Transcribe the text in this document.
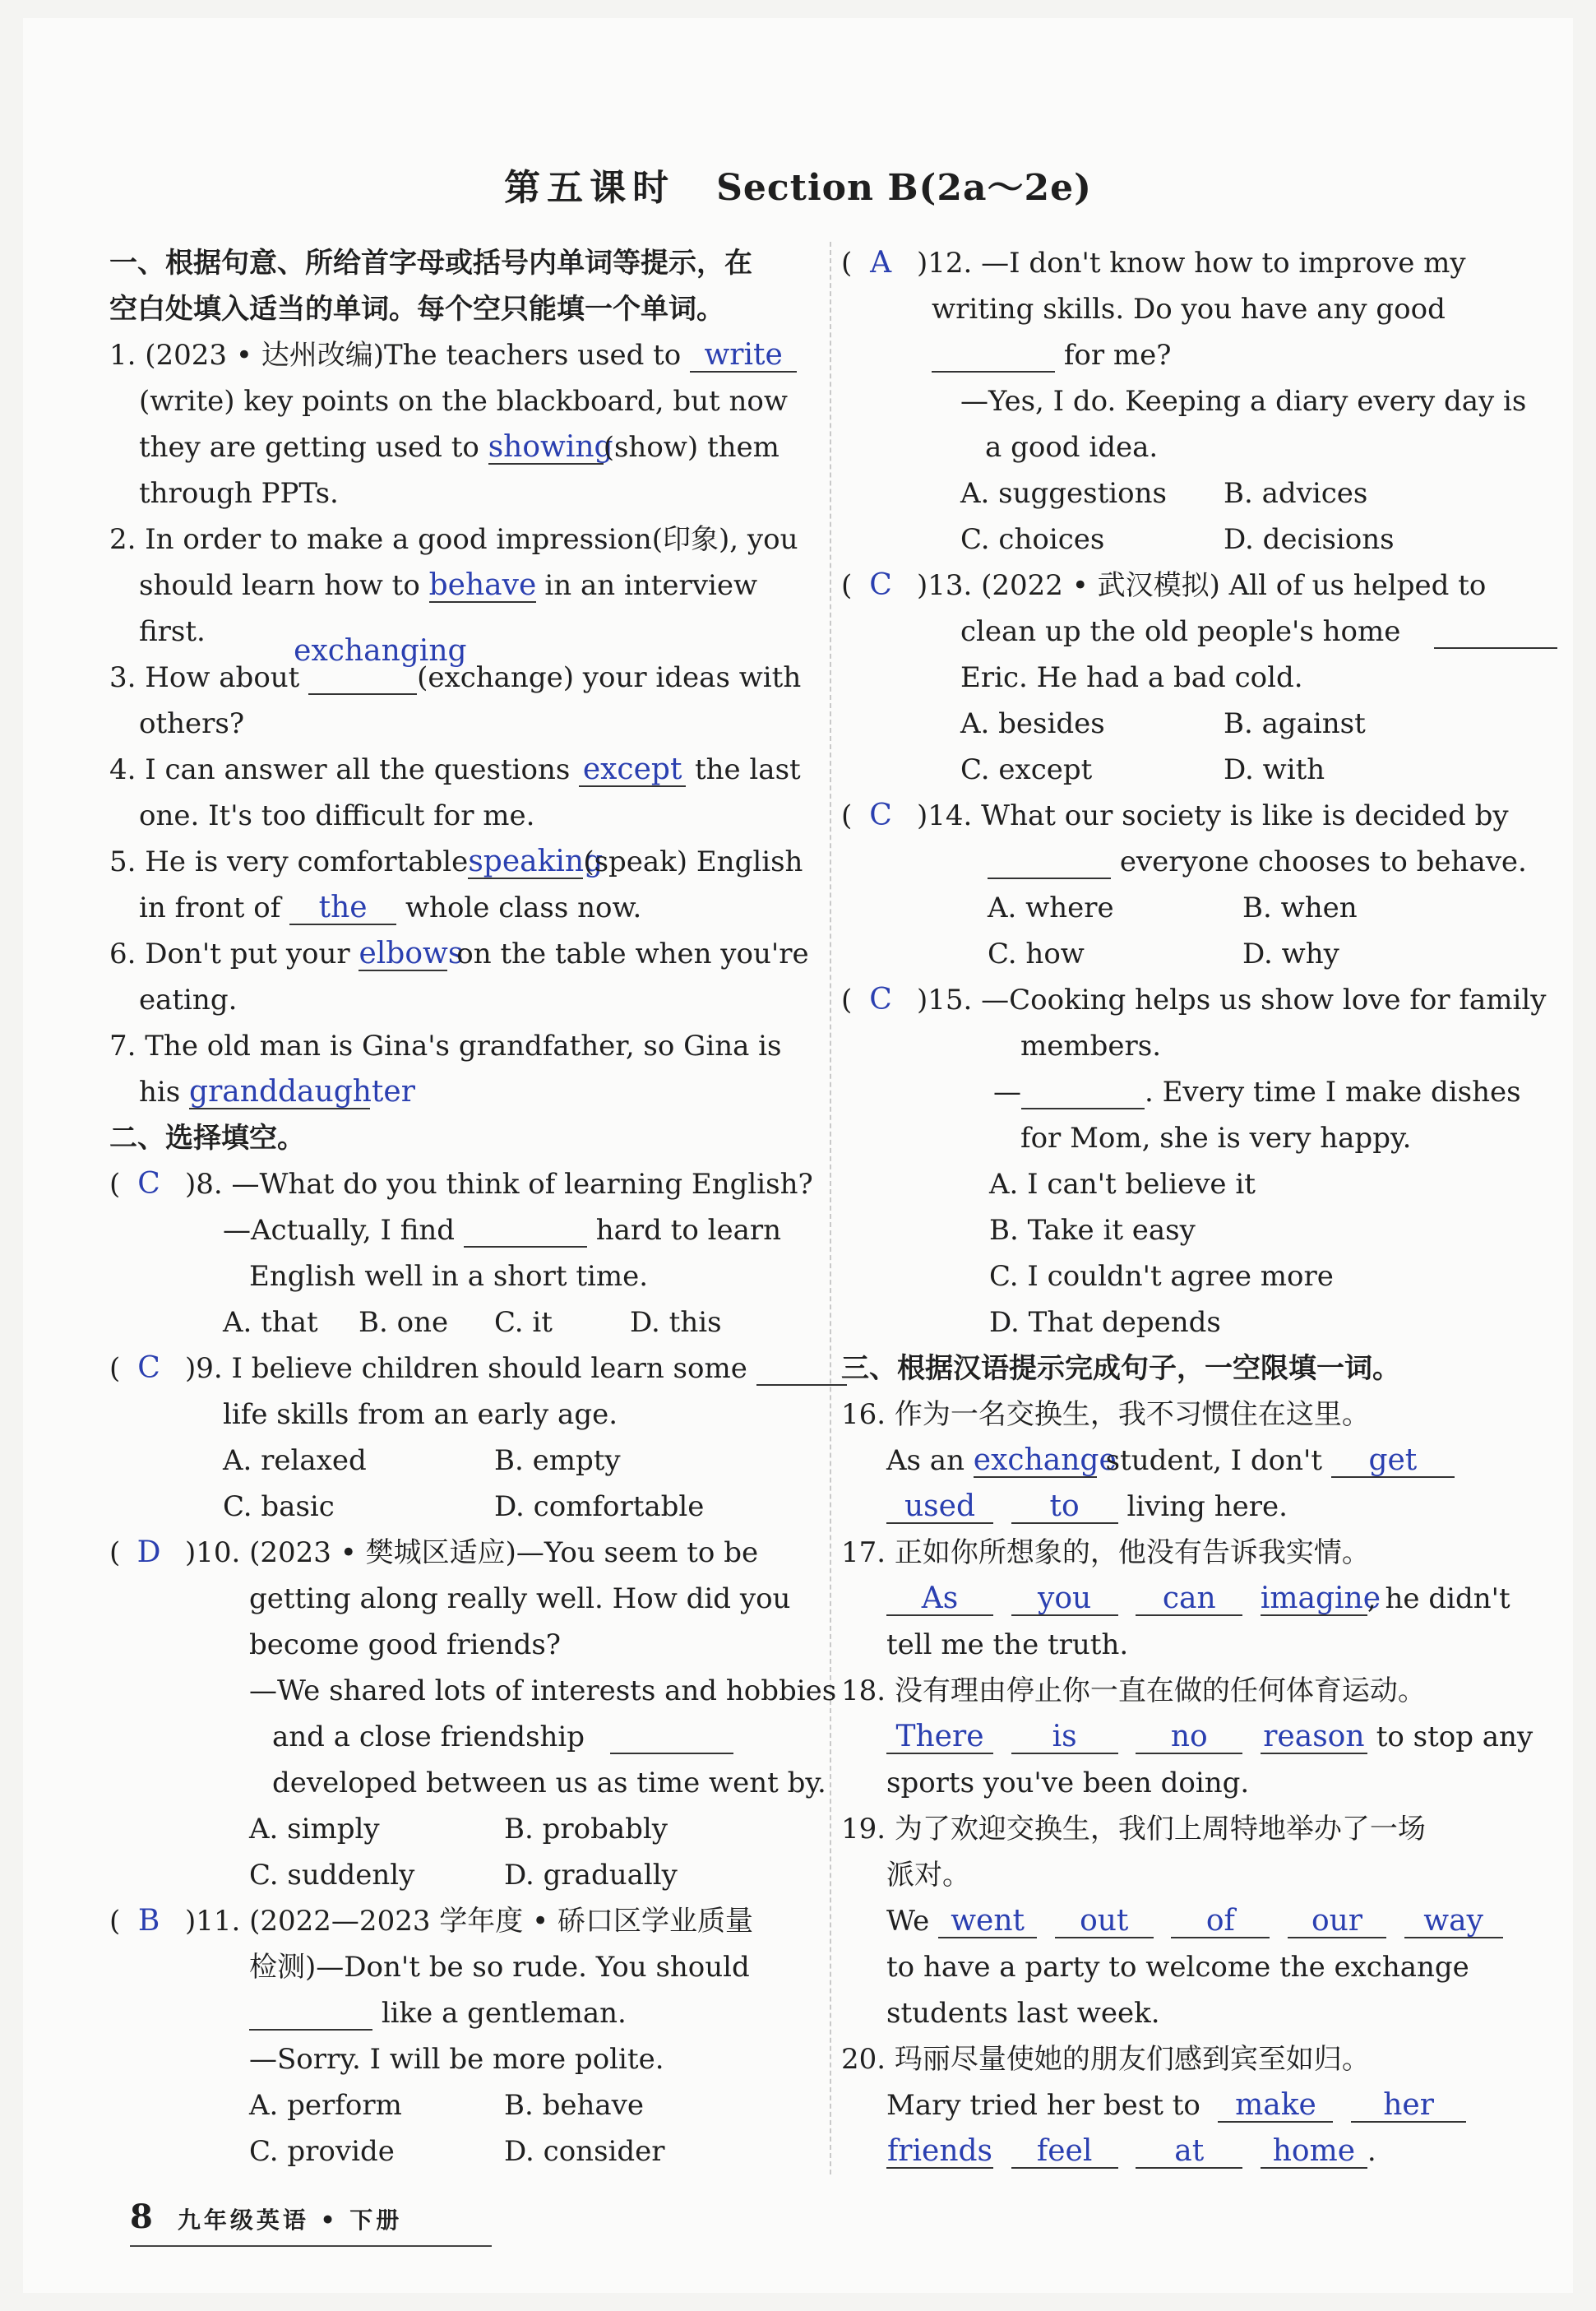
第五课时 Section B(2a～2e)
一、根据句意、所给首字母或括号内单词等提示，在
空白处填入适当的单词。每个空只能填一个单词。
1. (2023 • 达州改编)The teachers used to write
(write) key points on the blackboard, but now
they are getting used to showing(show) them
through PPTs.
2. In order to make a good impression(印象), you
should learn how to behave in an interview
first.
3. How about
exchanging
(exchange) your ideas with
others?
4. I can answer all the questions except the last
one. It's too difficult for me.
5. He is very comfortablespeaking(speak) English
in front of the whole class now.
6. Don't put your elbows on the table when you're
eating.
7. The old man is Gina's grandfather, so Gina is
his granddaughter
二、选择填空。
( C )8. —What do you think of learning English?
—Actually, I find	hard to learn
English well in a short time.
A. that	B. one	C. it	D. this
( C )9. I believe children should learn some
life skills from an early age.
A. relaxed	B. empty
C. basic	D. comfortable
( D )10. (2023 • 樊城区适应)—You seem to be
getting along really well. How did you
become good friends?
—We shared lots of interests and hobbies
and a close friendship
developed between us as time went by.
A. simply	B. probably
C. suddenly	D. gradually
( B )11. (2022—2023 学年度 • 硚口区学业质量
检测)—Don't be so rude. You should
like a gentleman.
—Sorry. I will be more polite.
A. perform	B. behave
C. provide	D. consider
( A )12. —I don't know how to improve my
writing skills. Do you have any good
for me?
—Yes, I do. Keeping a diary every day is
a good idea.
A. suggestions	B. advices
C. choices	D. decisions
( C )13. (2022 • 武汉模拟) All of us helped to
clean up the old people's home
Eric. He had a bad cold.
A. besides	B. against
C. except	D. with
( C )14. What our society is like is decided by
everyone chooses to behave.
A. where	B. when
C. how	D. why
( C )15. —Cooking helps us show love for family
members.
—	. Every time I make dishes
for Mom, she is very happy.
A. I can't believe it
B. Take it easy
C. I couldn't agree more
D. That depends
三、根据汉语提示完成句子，一空限填一词。
16. 作为一名交换生，我不习惯住在这里。
As an exchange student, I don't get
used	to living here.
17. 正如你所想象的，他没有告诉我实情。
As	you can imagine, he didn't
tell me the truth.
18. 没有理由停止你一直在做的任何体育运动。
There is	no reason to stop any
sports you've been doing.
19. 为了欢迎交换生，我们上周特地举办了一场
派对。
We went out	of	our way
to have a party to welcome the exchange
students last week.
20. 玛丽尽量使她的朋友们感到宾至如归。
Mary tried her best to make her
friends feel	at home .
8 九年级英语 • 下册
